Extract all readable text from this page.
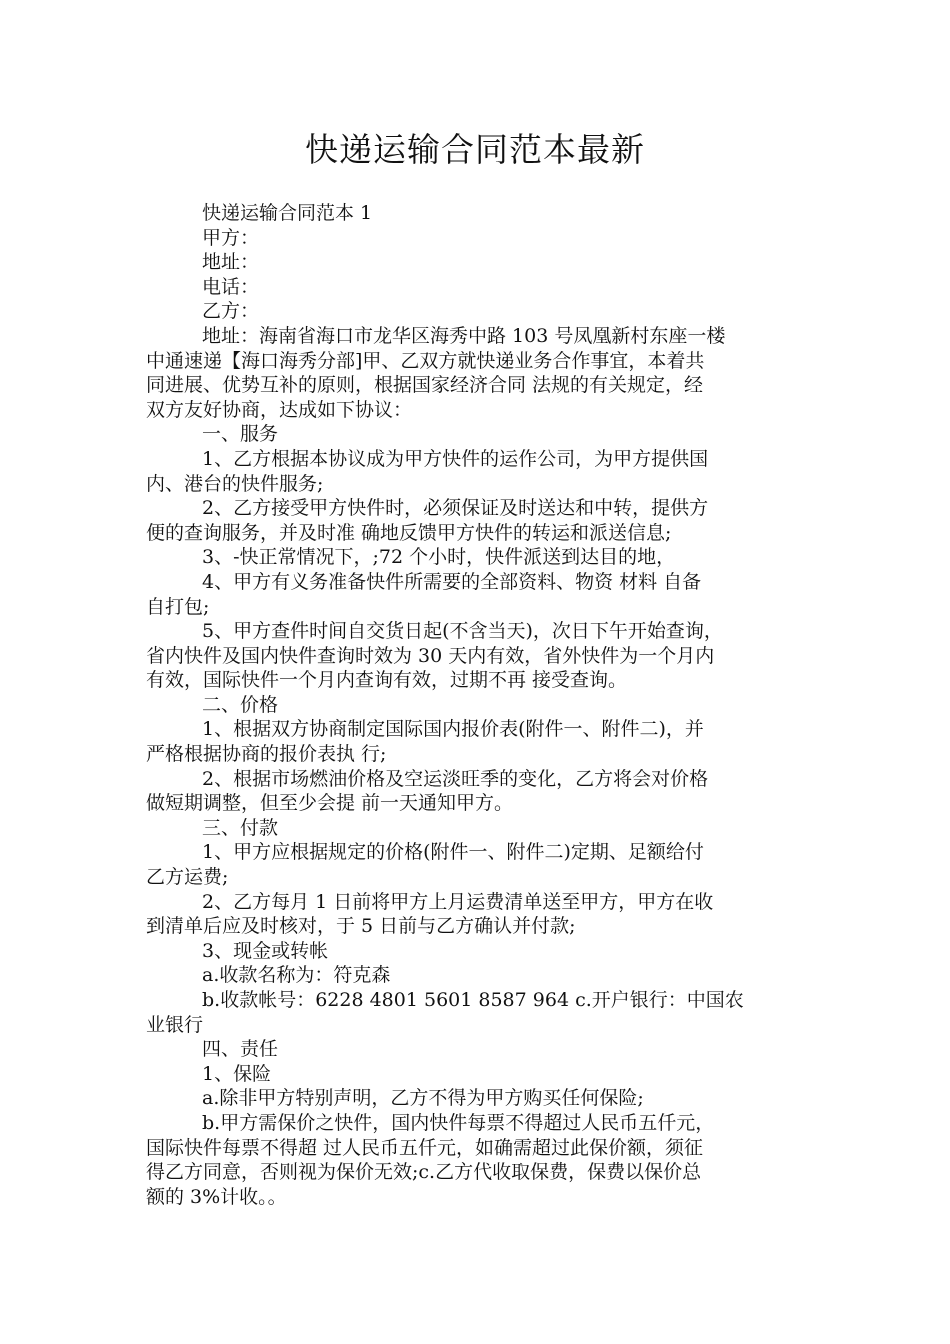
快递运输合同范本最新
快递运输合同范本 1
甲方：
地址：
电话：
乙方：
地址：海南省海口市龙华区海秀中路 103 号凤凰新村东座一楼
中通速递【海口海秀分部]甲、乙双方就快递业务合作事宜，本着共
同进展、优势互补的原则，根据国家经济合同 法规的有关规定，经
双方友好协商，达成如下协议：
一、服务
1、乙方根据本协议成为甲方快件的运作公司，为甲方提供国
内、港台的快件服务;
2、乙方接受甲方快件时，必须保证及时送达和中转，提供方
便的查询服务，并及时准 确地反馈甲方快件的转运和派送信息;
3、-快正常情况下，;72 个小时，快件派送到达目的地，
4、甲方有义务准备快件所需要的全部资料、物资 材料 自备
自打包;
5、甲方查件时间自交货日起(不含当天)，次日下午开始查询，
省内快件及国内快件查询时效为 30 天内有效，省外快件为一个月内
有效，国际快件一个月内查询有效，过期不再 接受查询。
二、价格
1、根据双方协商制定国际国内报价表(附件一、附件二)，并
严格根据协商的报价表执 行;
2、根据市场燃油价格及空运淡旺季的变化，乙方将会对价格
做短期调整，但至少会提 前一天通知甲方。
三、付款
1、甲方应根据规定的价格(附件一、附件二)定期、足额给付
乙方运费;
2、乙方每月 1 日前将甲方上月运费清单送至甲方，甲方在收
到清单后应及时核对，于 5 日前与乙方确认并付款;
3、现金或转帐
a.收款名称为：符克森
b.收款帐号：6228 4801 5601 8587 964 c.开户银行：中国农
业银行
四、责任
1、保险
a.除非甲方特别声明，乙方不得为甲方购买任何保险;
b.甲方需保价之快件，国内快件每票不得超过人民币五仟元，
国际快件每票不得超 过人民币五仟元，如确需超过此保价额，须征
得乙方同意，否则视为保价无效;c.乙方代收取保费，保费以保价总
额的 3%计收。。
